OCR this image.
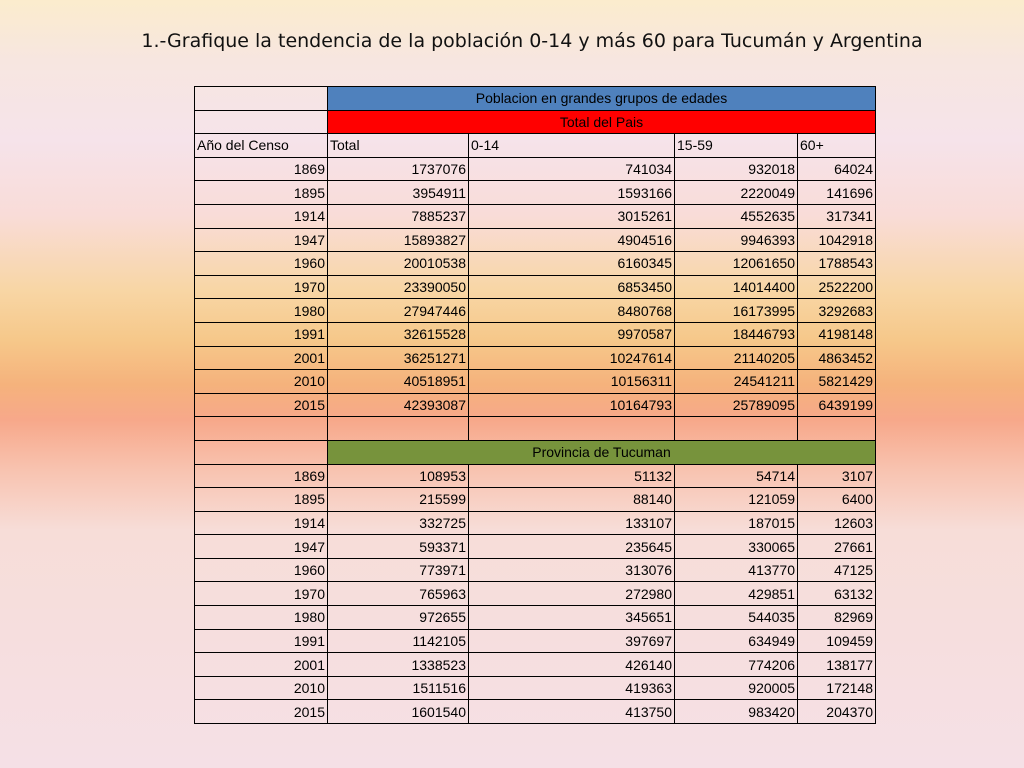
1.-Grafique la tendencia de la población 0-14 y más 60 para Tucumán y Argentina
	Poblacion en grandes grupos de edades			
	Total del Pais			
Año del Censo	Total	0-14	15-59	60+
1869	1737076	741034	932018	64024
1895	3954911	1593166	2220049	141696
1914	7885237	3015261	4552635	317341
1947	15893827	4904516	9946393	1042918
1960	20010538	6160345	12061650	1788543
1970	23390050	6853450	14014400	2522200
1980	27947446	8480768	16173995	3292683
1991	32615528	9970587	18446793	4198148
2001	36251271	10247614	21140205	4863452
2010	40518951	10156311	24541211	5821429
2015	42393087	10164793	25789095	6439199

	Provincia de Tucuman			
1869	108953	51132	54714	3107
1895	215599	88140	121059	6400
1914	332725	133107	187015	12603
1947	593371	235645	330065	27661
1960	773971	313076	413770	47125
1970	765963	272980	429851	63132
1980	972655	345651	544035	82969
1991	1142105	397697	634949	109459
2001	1338523	426140	774206	138177
2010	1511516	419363	920005	172148
2015	1601540	413750	983420	204370
